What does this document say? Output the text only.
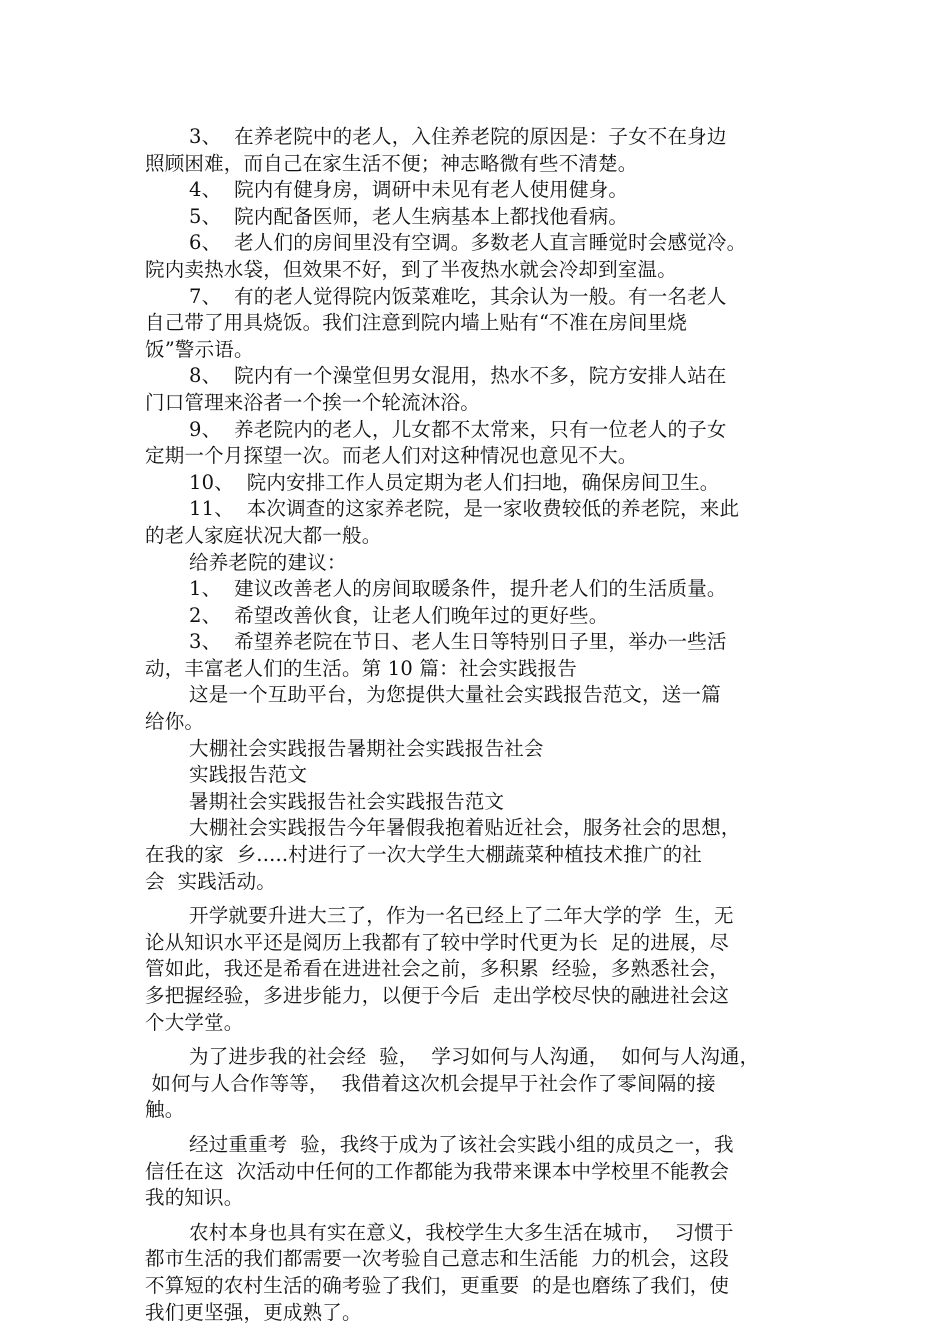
3、  在养老院中的老人，入住养老院的原因是：子女不在身边
照顾困难，而自己在家生活不便；神志略微有些不清楚。
4、  院内有健身房，调研中未见有老人使用健身。
5、  院内配备医师，老人生病基本上都找他看病。
6、  老人们的房间里没有空调。多数老人直言睡觉时会感觉冷。
院内卖热水袋，但效果不好，到了半夜热水就会冷却到室温。
7、  有的老人觉得院内饭菜难吃，其余认为一般。有一名老人
自己带了用具烧饭。我们注意到院内墙上贴有“不准在房间里烧
饭”警示语。
8、  院内有一个澡堂但男女混用，热水不多，院方安排人站在
门口管理来浴者一个挨一个轮流沐浴。
9、  养老院内的老人，儿女都不太常来，只有一位老人的子女
定期一个月探望一次。而老人们对这种情况也意见不大。
10、  院内安排工作人员定期为老人们扫地，确保房间卫生。
11、  本次调查的这家养老院，是一家收费较低的养老院，来此
的老人家庭状况大都一般。
给养老院的建议：
1、  建议改善老人的房间取暖条件，提升老人们的生活质量。
2、  希望改善伙食，让老人们晚年过的更好些。
3、  希望养老院在节日、老人生日等特别日子里，举办一些活
动，丰富老人们的生活。第 10 篇：社会实践报告
这是一个互助平台，为您提供大量社会实践报告范文，送一篇
给你。
大棚社会实践报告暑期社会实践报告社会
实践报告范文
暑期社会实践报告社会实践报告范文
大棚社会实践报告今年暑假我抱着贴近社会，服务社会的思想，
在我的家  乡.....村进行了一次大学生大棚蔬菜种植技术推广的社
会  实践活动。
开学就要升进大三了，作为一名已经上了二年大学的学  生，无
论从知识水平还是阅历上我都有了较中学时代更为长  足的进展，尽
管如此，我还是希看在进进社会之前，多积累  经验，多熟悉社会，
多把握经验，多进步能力，以便于今后  走出学校尽快的融进社会这
个大学堂。
为了进步我的社会经  验，  学习如何与人沟通，  如何与人沟通，
如何与人合作等等，  我借着这次机会提早于社会作了零间隔的接
触。
经过重重考  验，我终于成为了该社会实践小组的成员之一，我
信任在这  次活动中任何的工作都能为我带来课本中学校里不能教会
我的知识。
农村本身也具有实在意义，我校学生大多生活在城市，  习惯于
都市生活的我们都需要一次考验自己意志和生活能  力的机会，这段
不算短的农村生活的确考验了我们，更重要  的是也磨练了我们，使
我们更坚强，更成熟了。
